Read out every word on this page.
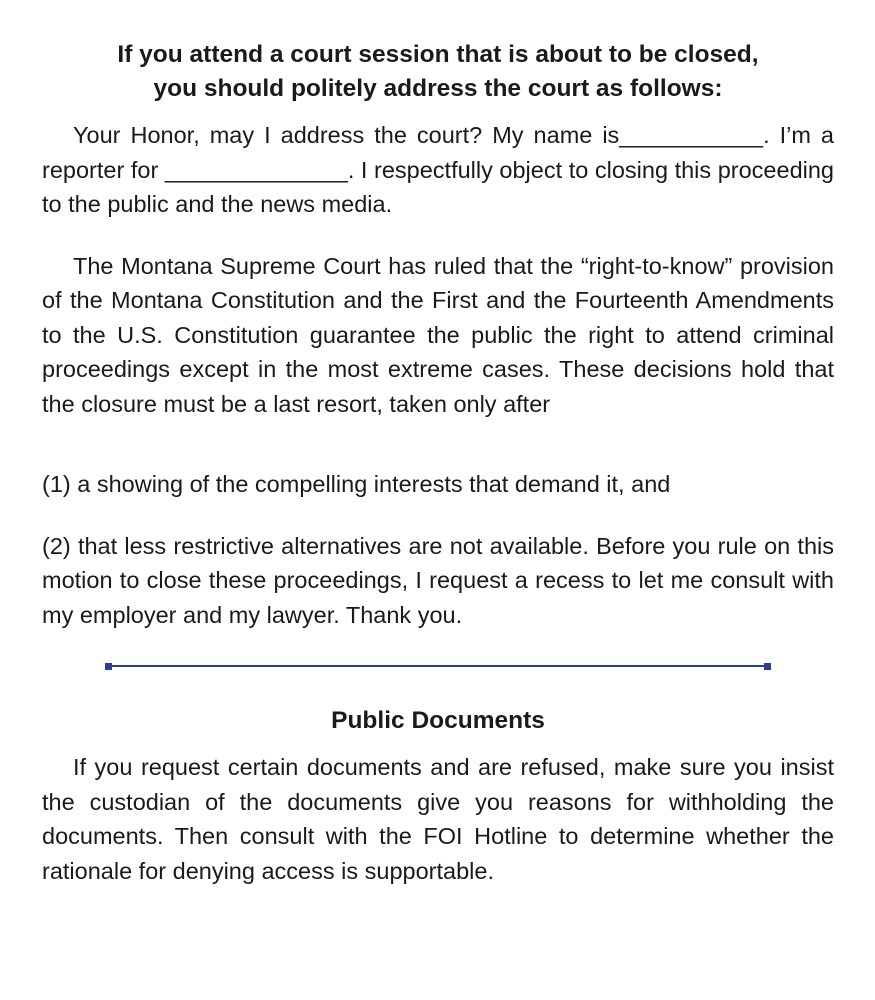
If you attend a court session that is about to be closed,
you should politely address the court as follows:

Your Honor, may I address the court? My name is___________. I’m a reporter for ______________. I respectfully object to closing this proceeding to the public and the news media.

The Montana Supreme Court has ruled that the “right-to-know” provision of the Montana Constitution and the First and the Fourteenth Amendments to the U.S. Constitution guarantee the public the right to attend criminal proceedings except in the most extreme cases. These decisions hold that the closure must be a last resort, taken only after

(1) a showing of the compelling interests that demand it, and

(2) that less restrictive alternatives are not available. Before you rule on this motion to close these proceedings, I request a recess to let me consult with my employer and my lawyer. Thank you.

Public Documents

If you request certain documents and are refused, make sure you insist the custodian of the documents give you reasons for withholding the documents. Then consult with the FOI Hotline to determine whether the rationale for denying access is supportable.
